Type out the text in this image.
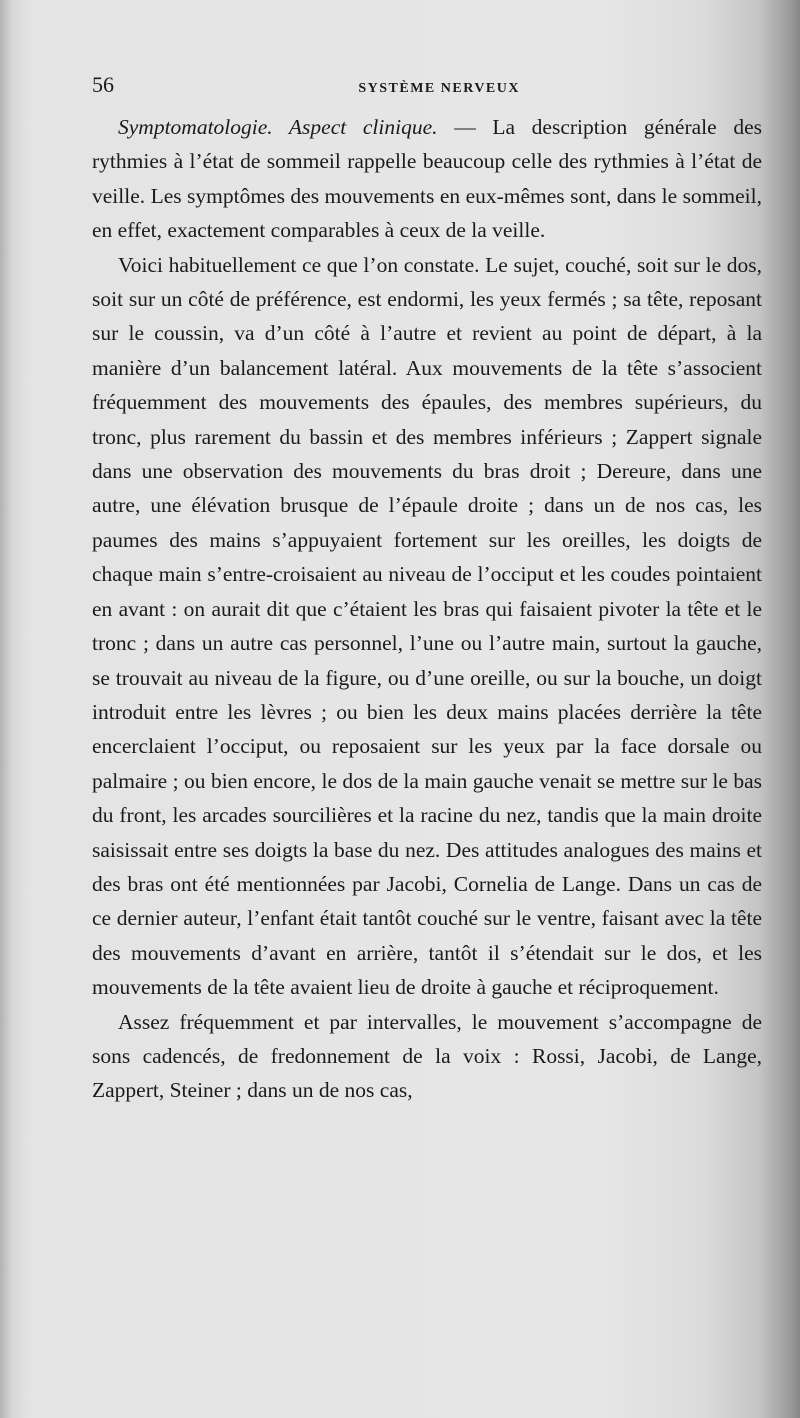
56	SYSTÈME NERVEUX

Symptomatologie. Aspect clinique. — La description générale des rythmies à l’état de sommeil rappelle beaucoup celle des rythmies à l’état de veille. Les symptômes des mouvements en eux-mêmes sont, dans le sommeil, en effet, exactement comparables à ceux de la veille.

Voici habituellement ce que l’on constate. Le sujet, couché, soit sur le dos, soit sur un côté de préférence, est endormi, les yeux fermés ; sa tête, reposant sur le coussin, va d’un côté à l’autre et revient au point de départ, à la manière d’un balancement latéral. Aux mouvements de la tête s’associent fréquemment des mouvements des épaules, des membres supérieurs, du tronc, plus rarement du bassin et des membres inférieurs ; Zappert signale dans une observation des mouvements du bras droit ; Dereure, dans une autre, une élévation brusque de l’épaule droite ; dans un de nos cas, les paumes des mains s’appuyaient fortement sur les oreilles, les doigts de chaque main s’entre-croisaient au niveau de l’occiput et les coudes pointaient en avant : on aurait dit que c’étaient les bras qui faisaient pivoter la tête et le tronc ; dans un autre cas personnel, l’une ou l’autre main, surtout la gauche, se trouvait au niveau de la figure, ou d’une oreille, ou sur la bouche, un doigt introduit entre les lèvres ; ou bien les deux mains placées derrière la tête encerclaient l’occiput, ou reposaient sur les yeux par la face dorsale ou palmaire ; ou bien encore, le dos de la main gauche venait se mettre sur le bas du front, les arcades sourcilières et la racine du nez, tandis que la main droite saisissait entre ses doigts la base du nez. Des attitudes analogues des mains et des bras ont été mentionnées par Jacobi, Cornelia de Lange. Dans un cas de ce dernier auteur, l’enfant était tantôt couché sur le ventre, faisant avec la tête des mouvements d’avant en arrière, tantôt il s’étendait sur le dos, et les mouvements de la tête avaient lieu de droite à gauche et réciproquement.

Assez fréquemment et par intervalles, le mouvement s’accompagne de sons cadencés, de fredonnement de la voix : Rossi, Jacobi, de Lange, Zappert, Steiner ; dans un de nos cas,
